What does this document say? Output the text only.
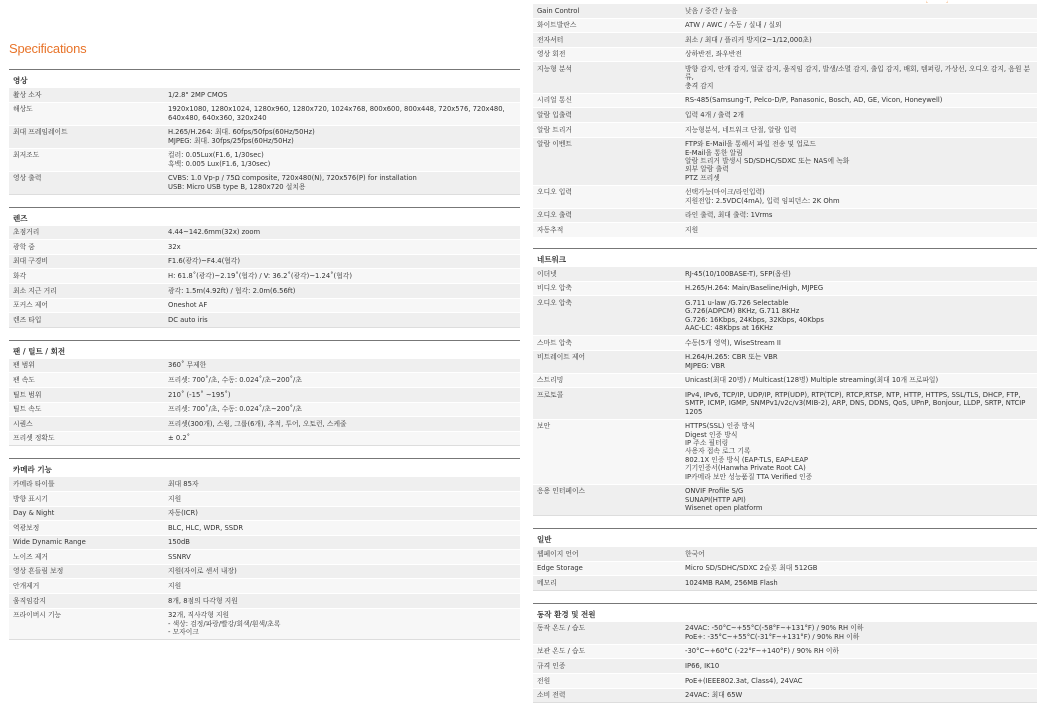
Specifications
영상
촬상 소자	1/2.8" 2MP CMOS
해상도	1920x1080, 1280x1024, 1280x960, 1280x720, 1024x768, 800x600, 800x448, 720x576, 720x480,
640x480, 640x360, 320x240
최대 프레임레이트	H.265/H.264: 최대. 60fps/50fps(60Hz/50Hz)
MJPEG: 최대. 30fps/25fps(60Hz/50Hz)
최저조도	컬러: 0.05Lux(F1.6, 1/30sec)
흑백: 0.005 Lux(F1.6, 1/30sec)
영상 출력	CVBS: 1.0 Vp-p / 75Ω composite, 720x480(N), 720x576(P) for installation
USB: Micro USB type B, 1280x720 설치용
렌즈
초점거리	4.44~142.6mm(32x) zoom
광학 줌	32x
최대 구경비	F1.6(광각)~F4.4(협각)
화각	H: 61.8˚(광각)~2.19˚(협각) / V: 36.2˚(광각)~1.24˚(협각)
최소 지근 거리	광각: 1.5m(4.92ft) / 협각: 2.0m(6.56ft)
포커스 제어	Oneshot AF
렌즈 타입	DC auto iris
팬 / 틸트 / 회전
팬 범위	360˚ 무제한
팬 속도	프리셋: 700˚/초, 수동: 0.024˚/초~200˚/초
틸트 범위	210˚ (-15˚ ~195˚)
틸트 속도	프리셋: 700˚/초, 수동: 0.024˚/초~200˚/초
시퀀스	프리셋(300개), 스윙, 그룹(6개), 추적, 투어, 오토런, 스케줄
프리셋 정확도	± 0.2˚
카메라 기능
카메라 타이틀	최대 85자
방향 표시기	지원
Day & Night	자동(ICR)
역광보정	BLC, HLC, WDR, SSDR
Wide Dynamic Range	150dB
노이즈 제거	SSNRV
영상 흔들림 보정	지원(자이로 센서 내장)
안개제거	지원
움직임감지	8개, 8점의 다각형 지원
프라이버시 기능	32개, 직사각형 지원
- 색상: 검정/파랑/빨강/회색/흰색/초록
- 모자이크
Gain Control	낮음 / 중간 / 높음
화이트발란스	ATW / AWC / 수동 / 실내 / 실외
전자셔터	최소 / 최대 / 플리커 방지(2~1/12,000초)
영상 회전	상하반전, 좌우반전
지능형 분석	방향 감지, 안개 감지, 얼굴 감지, 움직임 감지, 발생/소멸 감지, 출입 감지, 배회, 템퍼링, 가상선, 오디오 감지, 음원 분류,
충격 감지
시리얼 통신	RS-485(Samsung-T, Pelco-D/P, Panasonic, Bosch, AD, GE, Vicon, Honeywell)
알람 입출력	입력 4개 / 출력 2개
알람 트리거	지능형분석, 네트워크 단절, 알람 입력
알람 이벤트	FTP와 E-Mail을 통해서 파일 전송 및 업로드
E-Mail을 통한 알림
알람 트리거 발생시 SD/SDHC/SDXC 또는 NAS에 녹화
외부 알람 출력
PTZ 프리셋
오디오 입력	선택가능(마이크/라인입력)
지원전압: 2.5VDC(4mA), 입력 임피던스: 2K Ohm
오디오 출력	라인 출력, 최대 출력: 1Vrms
자동추적	지원
네트워크
이더넷	RJ-45(10/100BASE-T), SFP(옵션)
비디오 압축	H.265/H.264: Main/Baseline/High, MJPEG
오디오 압축	G.711 u-law /G.726 Selectable
G.726(ADPCM) 8KHz, G.711 8KHz
G.726: 16Kbps, 24Kbps, 32Kbps, 40Kbps
AAC-LC: 48Kbps at 16KHz
스마트 압축	수동(5개 영역), WiseStream II
비트레이트 제어	H.264/H.265: CBR 또는 VBR
MJPEG: VBR
스트리밍	Unicast(최대 20명) / Multicast(128명) Multiple streaming(최대 10개 프로파일)
프로토콜	IPv4, IPv6, TCP/IP, UDP/IP, RTP(UDP), RTP(TCP), RTCP,RTSP, NTP, HTTP, HTTPS, SSL/TLS, DHCP, FTP,
SMTP, ICMP, IGMP, SNMPv1/v2c/v3(MIB-2), ARP, DNS, DDNS, QoS, UPnP, Bonjour, LLDP, SRTP, NTCIP
1205
보안	HTTPS(SSL) 인증 방식
Digest 인증 방식
IP 주소 필터링
사용자 접속 로그 기록
802.1X 인증 방식 (EAP-TLS, EAP-LEAP
기기인증서(Hanwha Private Root CA)
IP카메라 보안 성능품질 TTA Verified 인증
응용 인터페이스	ONVIF Profile S/G
SUNAPI(HTTP API)
Wisenet open platform
일반
웹페이지 언어	한국어
Edge Storage	Micro SD/SDHC/SDXC 2슬롯 최대 512GB
메모리	1024MB RAM, 256MB Flash
동작 환경 및 전원
동작 온도 / 습도	24VAC: -50°C~+55°C(-58°F~+131°F) / 90% RH 이하
PoE+: -35°C~+55°C(-31°F~+131°F) / 90% RH 이하
보관 온도 / 습도	-30°C~+60°C (-22°F~+140°F) / 90% RH 이하
규격 인증	IP66, IK10
전원	PoE+(IEEE802.3at, Class4), 24VAC
소비 전력	24VAC: 최대 65W
